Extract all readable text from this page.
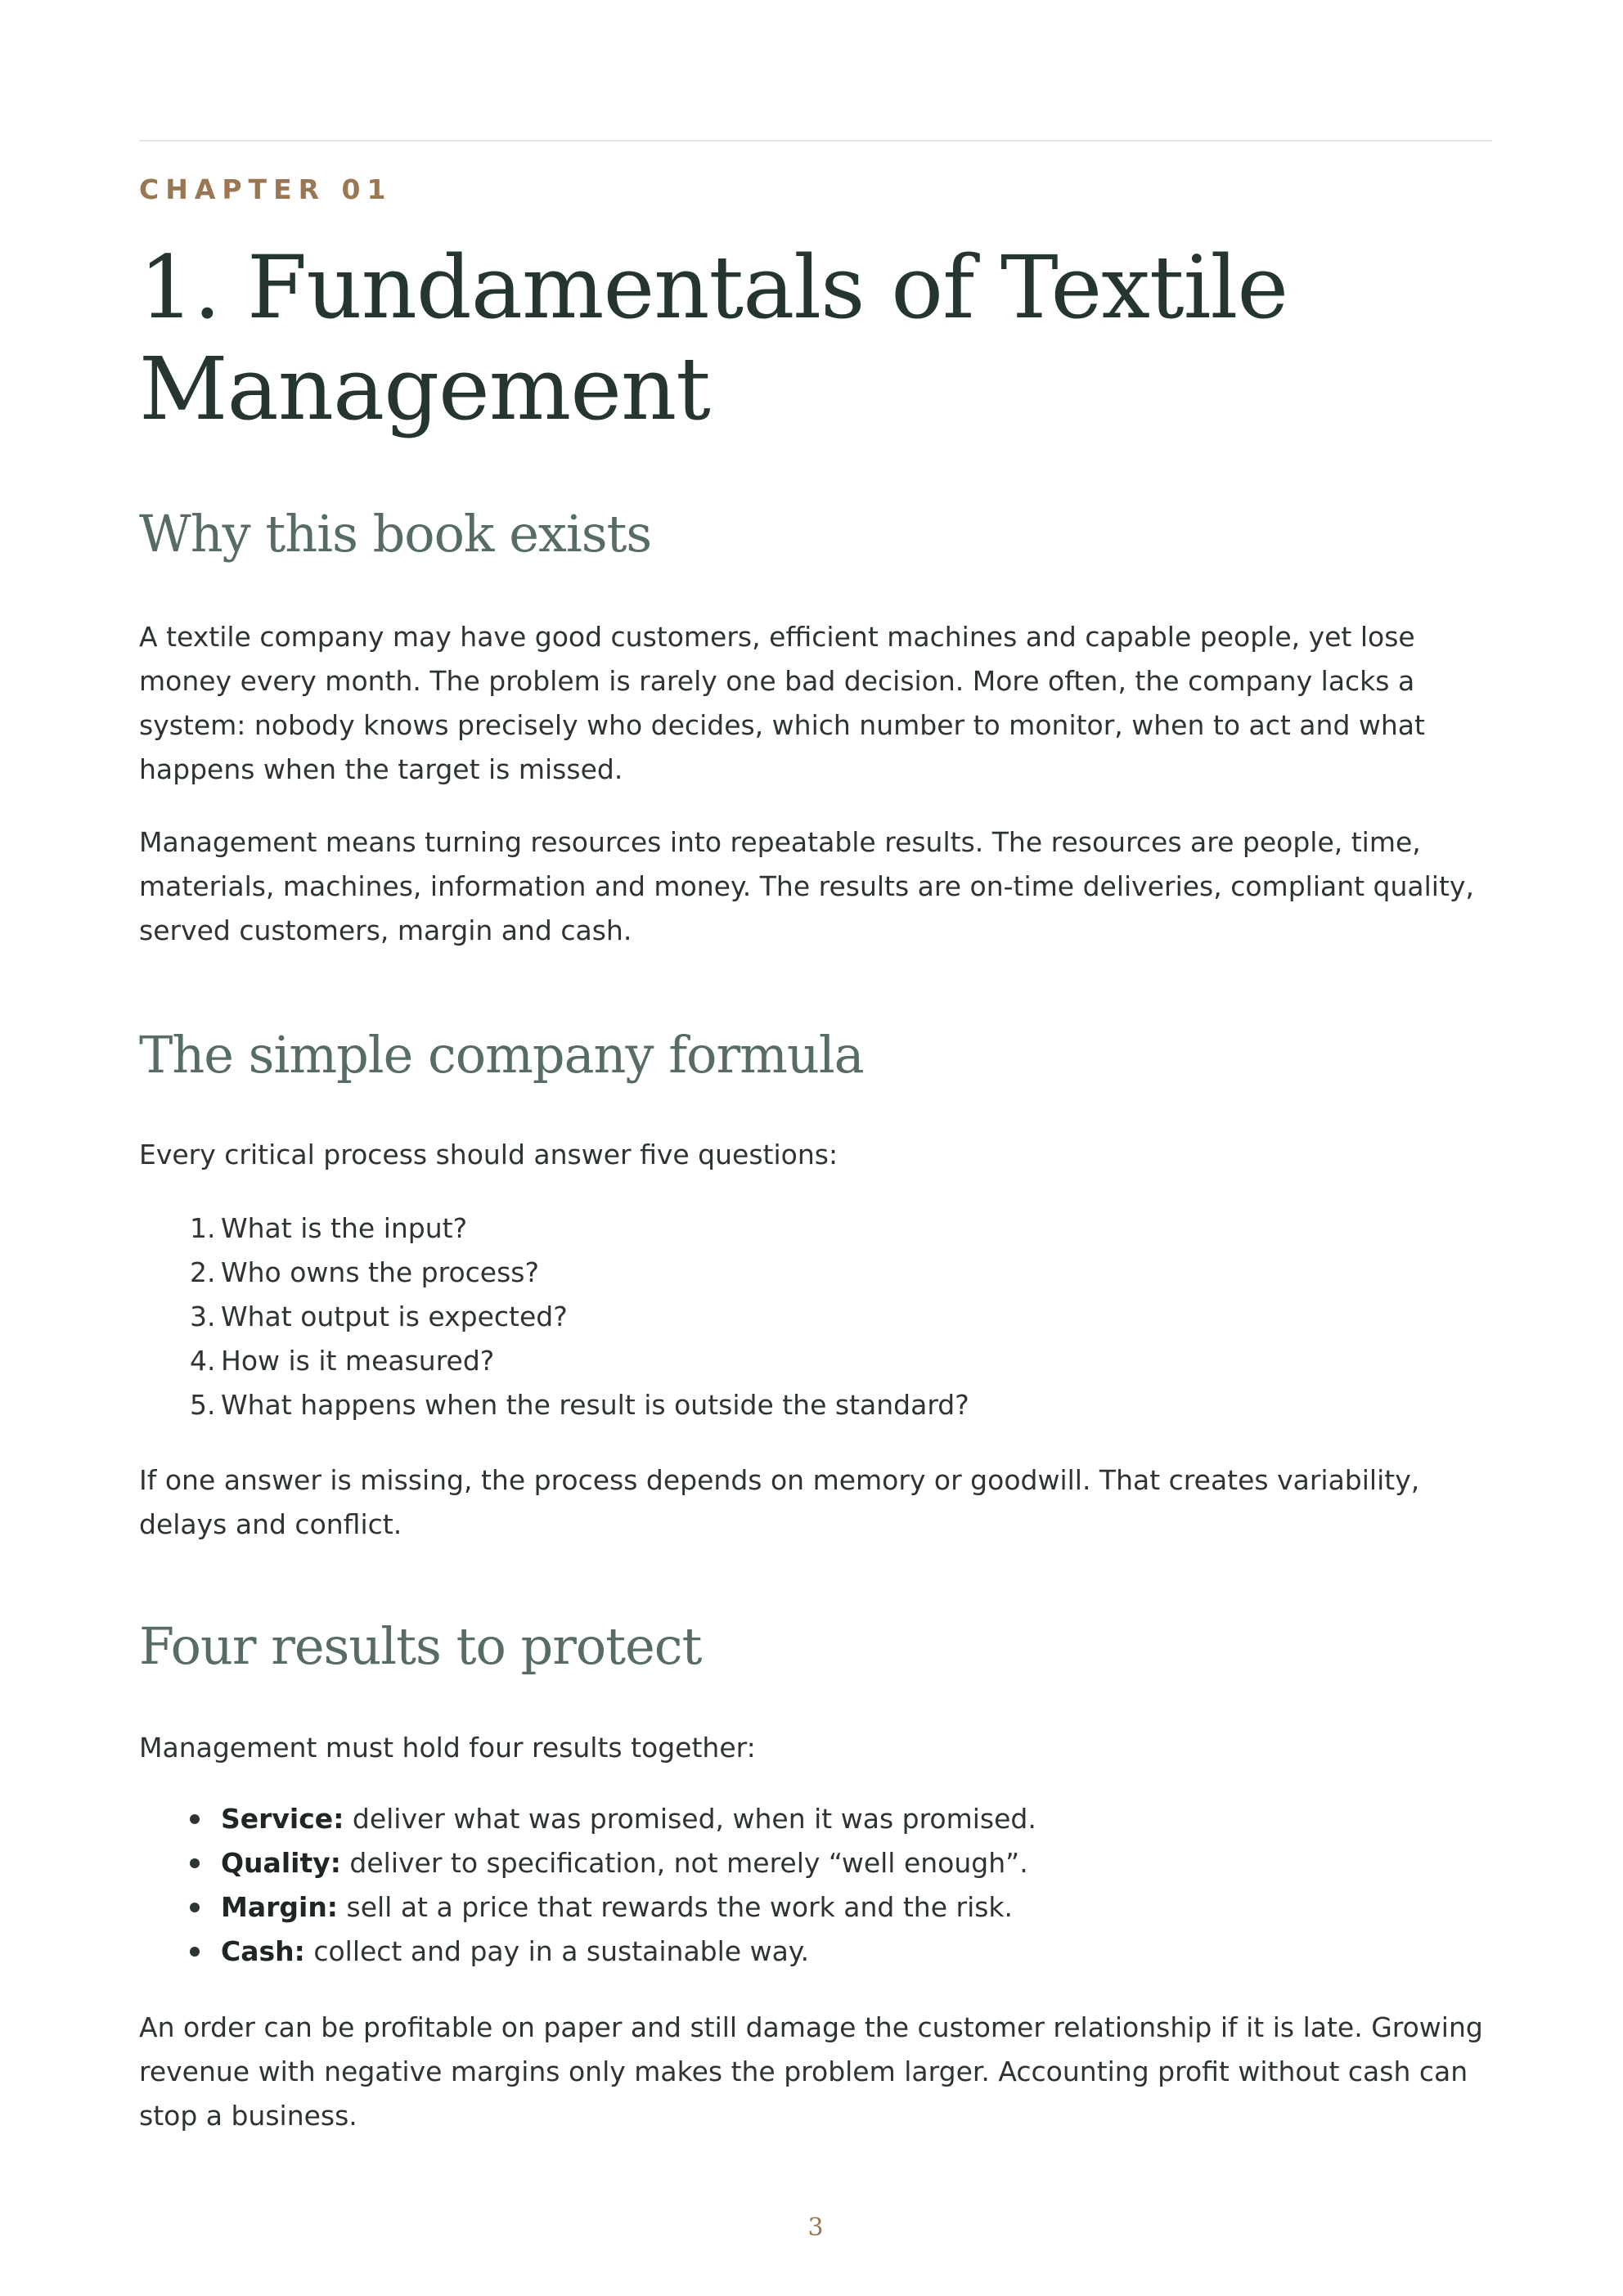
CHAPTER 01
1. Fundamentals of Textile Management
Why this book exists

A textile company may have good customers, efficient machines and capable people, yet lose money every month. The problem is rarely one bad decision. More often, the company lacks a system: nobody knows precisely who decides, which number to monitor, when to act and what happens when the target is missed.

Management means turning resources into repeatable results. The resources are people, time, materials, machines, information and money. The results are on-time deliveries, compliant quality, served customers, margin and cash.

The simple company formula

Every critical process should answer five questions:

1. What is the input?
2. Who owns the process?
3. What output is expected?
4. How is it measured?
5. What happens when the result is outside the standard?

If one answer is missing, the process depends on memory or goodwill. That creates variability, delays and conflict.

Four results to protect

Management must hold four results together:

Service: deliver what was promised, when it was promised.
Quality: deliver to specification, not merely “well enough”.
Margin: sell at a price that rewards the work and the risk.
Cash: collect and pay in a sustainable way.

An order can be profitable on paper and still damage the customer relationship if it is late. Growing revenue with negative margins only makes the problem larger. Accounting profit without cash can stop a business.

3
